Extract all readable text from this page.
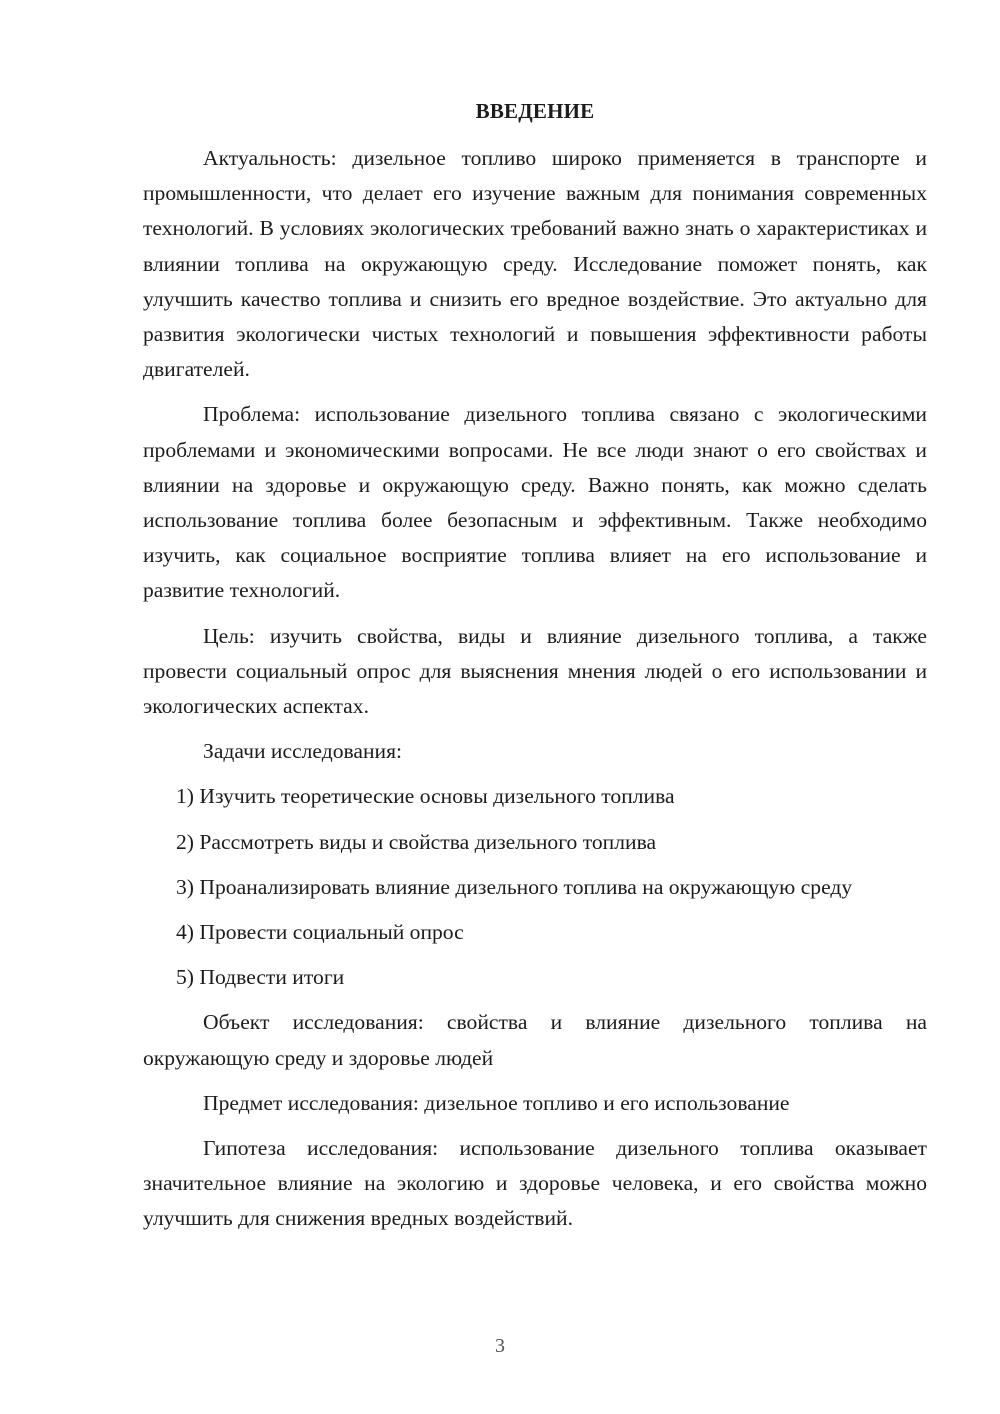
ВВЕДЕНИЕ

Актуальность: дизельное топливо широко применяется в транспорте и промышленности, что делает его изучение важным для понимания современных технологий. В условиях экологических требований важно знать о характеристиках и влиянии топлива на окружающую среду. Исследование поможет понять, как улучшить качество топлива и снизить его вредное воздействие. Это актуально для развития экологически чистых технологий и повышения эффективности работы двигателей.

Проблема: использование дизельного топлива связано с экологическими проблемами и экономическими вопросами. Не все люди знают о его свойствах и влиянии на здоровье и окружающую среду. Важно понять, как можно сделать использование топлива более безопасным и эффективным. Также необходимо изучить, как социальное восприятие топлива влияет на его использование и развитие технологий.

Цель: изучить свойства, виды и влияние дизельного топлива, а также провести социальный опрос для выяснения мнения людей о его использовании и экологических аспектах.

Задачи исследования:

1) Изучить теоретические основы дизельного топлива

2) Рассмотреть виды и свойства дизельного топлива

3) Проанализировать влияние дизельного топлива на окружающую среду

4) Провести социальный опрос

5) Подвести итоги

Объект исследования: свойства и влияние дизельного топлива на окружающую среду и здоровье людей

Предмет исследования: дизельное топливо и его использование

Гипотеза исследования: использование дизельного топлива оказывает значительное влияние на экологию и здоровье человека, и его свойства можно улучшить для снижения вредных воздействий.

3
